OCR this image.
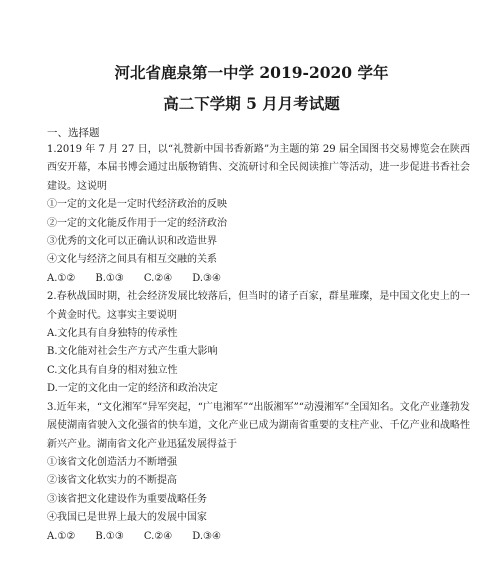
河北省鹿泉第一中学 2019-2020 学年
高二下学期 5 月月考试题
一、选择题

1.2019 年 7 月 27 日，以“礼赞新中国书香新路”为主题的第 29 届全国图书交易博览会在陕西西安开幕，本届书博会通过出版物销售、交流研讨和全民阅读推广等活动，进一步促进书香社会建设。这说明

①一定的文化是一定时代经济政治的反映

②一定的文化能反作用于一定的经济政治

③优秀的文化可以正确认识和改造世界

④文化与经济之间具有相互交融的关系

A.①② B.①③ C.②④ D.③④

2.春秋战国时期，社会经济发展比较落后，但当时的诸子百家，群星璀璨，是中国文化史上的一个黄金时代。这事实主要说明

A.文化具有自身独特的传承性

B.文化能对社会生产方式产生重大影响

C.文化具有自身的相对独立性

D.一定的文化由一定的经济和政治决定

3.近年来，“文化湘军”异军突起，“广电湘军”“出版湘军”“动漫湘军”全国知名。文化产业蓬勃发展使湖南省驶入文化强省的快车道，文化产业已成为湖南省重要的支柱产业、千亿产业和战略性新兴产业。湖南省文化产业迅猛发展得益于

①该省文化创造活力不断增强

②该省文化软实力的不断提高

③该省把文化建设作为重要战略任务

④我国已是世界上最大的发展中国家

A.①② B.①③ C.②④ D.③④
